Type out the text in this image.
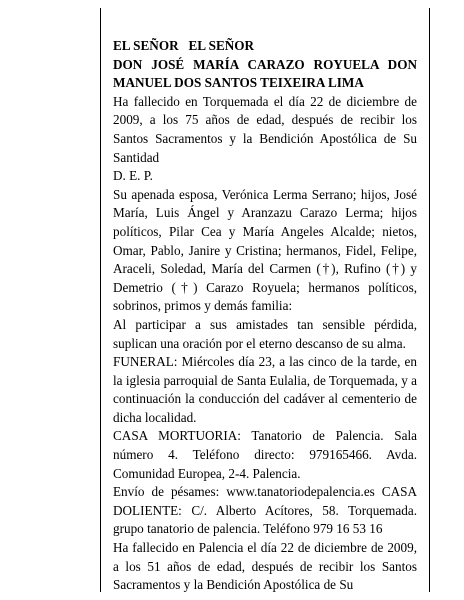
EL SEÑOR   EL SEÑOR

DON JOSÉ MARÍA CARAZO ROYUELA DON MANUEL DOS SANTOS TEIXEIRA LIMA

Ha fallecido en Torquemada el día 22 de diciembre de 2009, a los 75 años de edad, después de recibir los Santos Sacramentos y la Bendición Apostólica de Su Santidad

D. E. P.

Su apenada esposa, Verónica Lerma Serrano; hijos, José María, Luis Ángel y Aranzazu Carazo Lerma; hijos políticos, Pilar Cea y María Angeles Alcalde; nietos, Omar, Pablo, Janire y Cristina; hermanos, Fidel, Felipe, Araceli, Soledad, María del Carmen (†), Rufino (†) y Demetrio (†) Carazo Royuela; hermanos políticos, sobrinos, primos y demás familia:

Al participar a sus amistades tan sensible pérdida, suplican una oración por el eterno descanso de su alma.

FUNERAL: Miércoles día 23, a las cinco de la tarde, en la iglesia parroquial de Santa Eulalia, de Torquemada, y a continuación la conducción del cadáver al cementerio de dicha localidad.

CASA MORTUORIA: Tanatorio de Palencia. Sala número 4. Teléfono directo: 979165466. Avda. Comunidad Europea, 2-4. Palencia.

Envío de pésames: www.tanatoriodepalencia.es CASA DOLIENTE: C/. Alberto Acítores, 58. Torquemada. grupo tanatorio de palencia. Teléfono 979 16 53 16

Ha fallecido en Palencia el día 22 de diciembre de 2009, a los 51 años de edad, después de recibir los Santos Sacramentos y la Bendición Apostólica de Su
